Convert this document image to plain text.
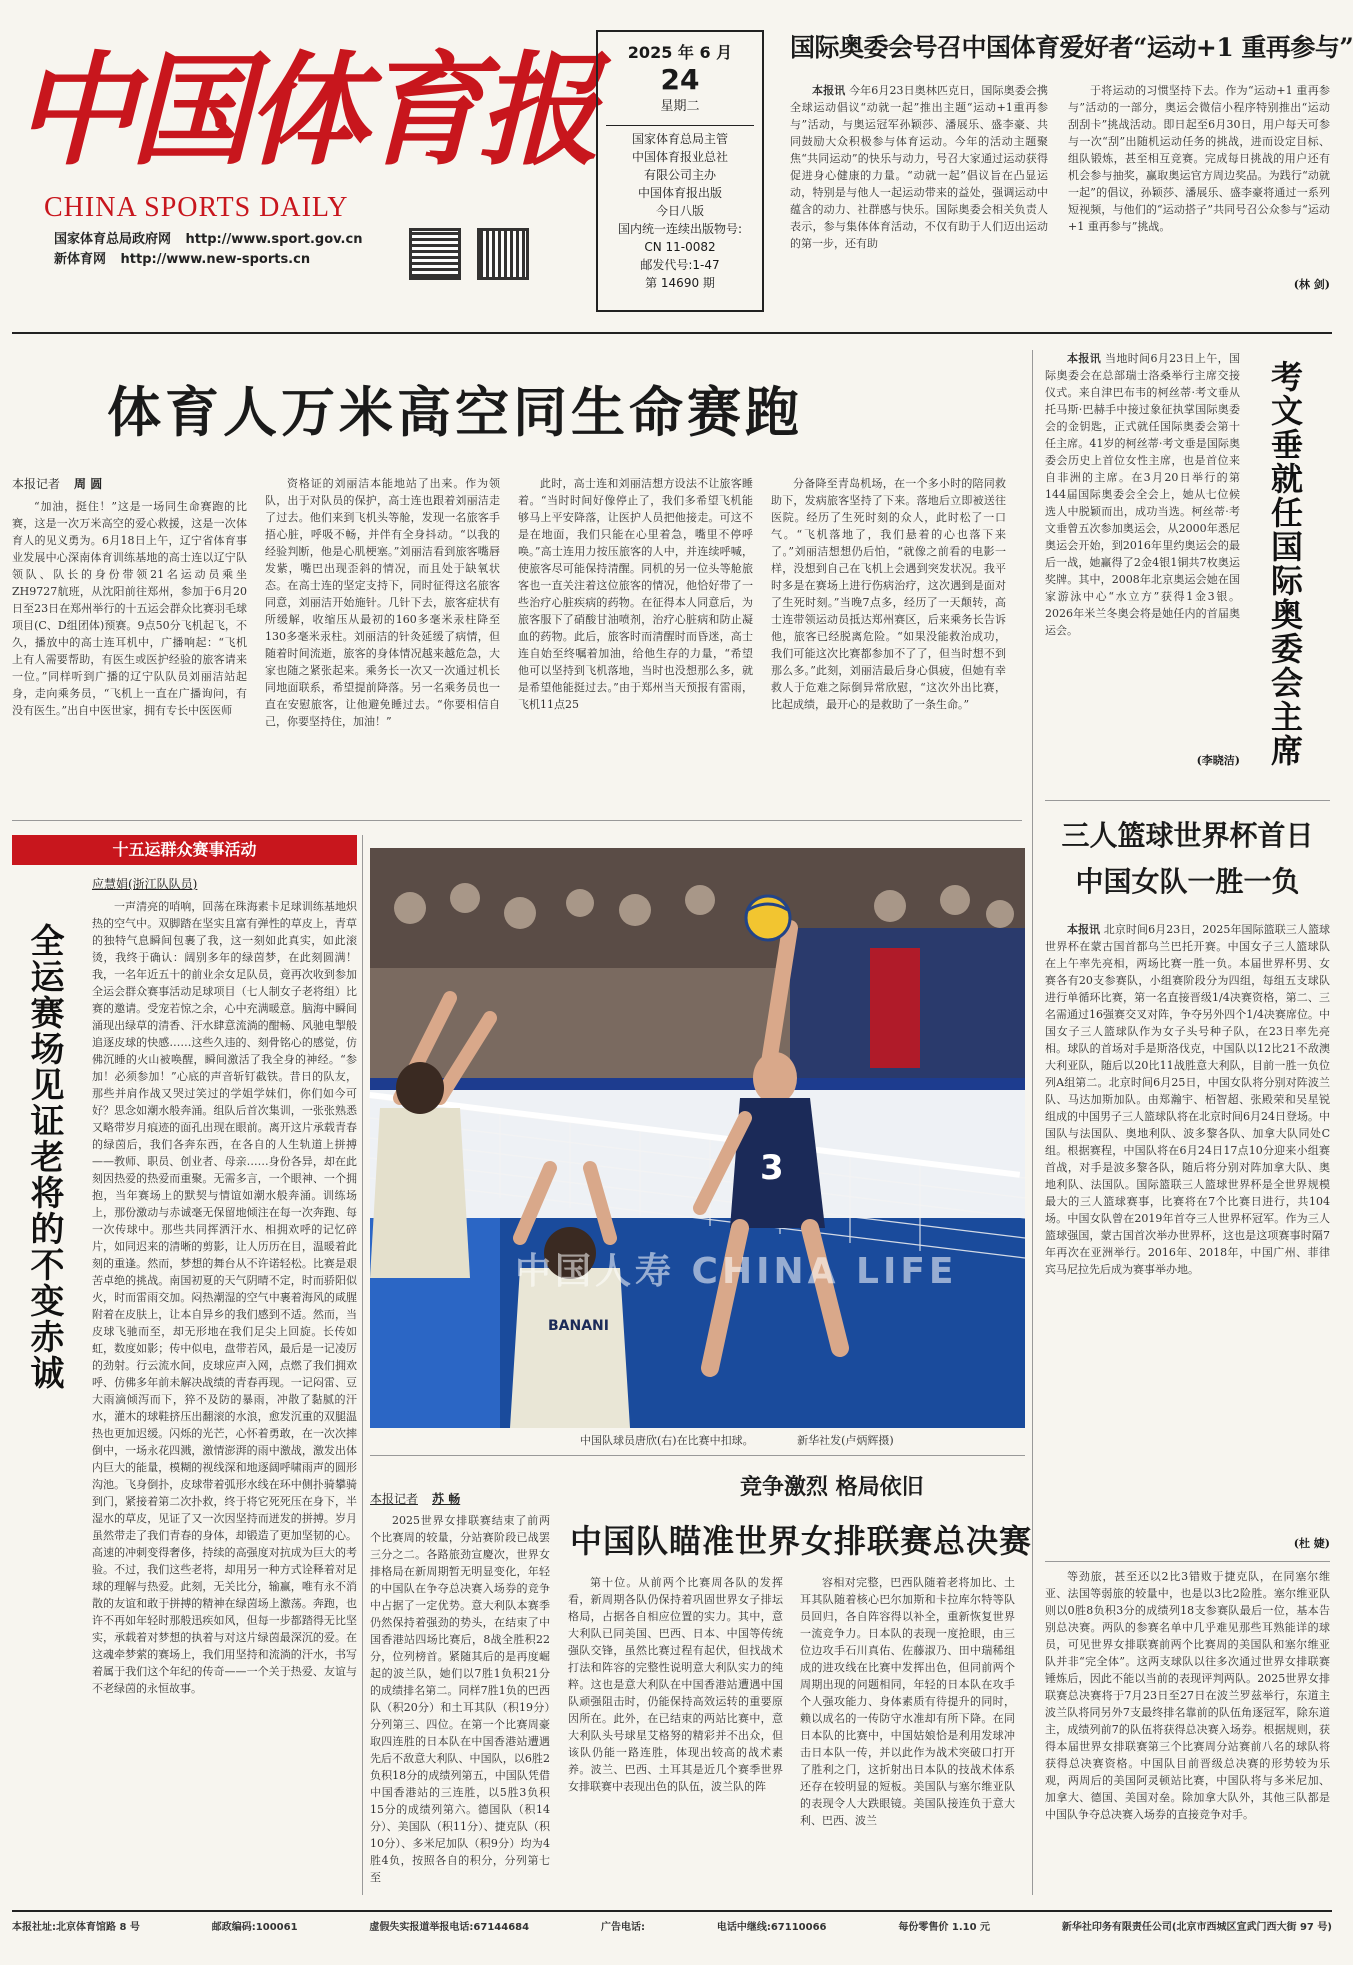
中国体育报
CHINA SPORTS DAILY
国家体育总局政府网 http://www.sport.gov.cn
新体育网 http://www.new-sports.cn
2025 年 6 月
24
星期二
国家体育总局主管
中国体育报业总社
有限公司主办
中国体育报出版
今日八版
国内统一连续出版物号:
CN 11-0082
邮发代号:1-47
第 14690 期
国际奥委会号召中国体育爱好者“运动+1 重再参与”

本报讯 今年6月23日奥林匹克日，国际奥委会携全球运动倡议“动就一起”推出主题“运动+1重再参与”活动，与奥运冠军孙颖莎、潘展乐、盛李豪、共同鼓励大众积极参与体育运动。今年的活动主题聚焦“共同运动”的快乐与动力，号召大家通过运动获得促进身心健康的力量。“动就一起”倡议旨在凸显运动，特别是与他人一起运动带来的益处，强调运动中蕴含的动力、社群感与快乐。国际奥委会相关负责人表示，参与集体体育活动，不仅有助于人们迈出运动的第一步，还有助

于将运动的习惯坚持下去。作为“运动+1 重再参与”活动的一部分，奥运会微信小程序特别推出“运动刮刮卡”挑战活动。即日起至6月30日，用户每天可参与一次“刮”出随机运动任务的挑战，进而设定目标、组队锻炼，甚至相互竞赛。完成每日挑战的用户还有机会参与抽奖，赢取奥运官方周边奖品。为践行“动就一起”的倡议，孙颖莎、潘展乐、盛李豪将通过一系列短视频，与他们的“运动搭子”共同号召公众参与“运动+1 重再参与”挑战。

(林 剑)
体育人万米高空同生命赛跑
本报记者 周 圆

“加油，挺住！”这是一场同生命赛跑的比赛，这是一次万米高空的爱心救援，这是一次体育人的见义勇为。6月18日上午，辽宁省体育事业发展中心深南体育训练基地的高士连以辽宁队领队、队长的身份带领21名运动员乘坐ZH9727航班，从沈阳前往郑州，参加于6月20日至23日在郑州举行的十五运会群众比赛羽毛球项目(C、D组团体)预赛。9点50分飞机起飞，不久，播放中的高士连耳机中，广播响起：“飞机上有人需要帮助，有医生或医护经验的旅客请来一位。”同样听到广播的辽宁队队员刘丽洁站起身，走向乘务员，“飞机上一直在广播询问，有没有医生。”出自中医世家，拥有专长中医医师

资格证的刘丽洁本能地站了出来。作为领队，出于对队员的保护，高士连也跟着刘丽洁走了过去。他们来到飞机头等舱，发现一名旅客手捂心脏，呼吸不畅，并伴有全身抖动。“以我的经验判断，他是心肌梗塞。”刘丽洁看到旅客嘴唇发紫，嘴巴出现歪斜的情况，而且处于缺氧状态。在高士连的坚定支持下，同时征得这名旅客同意，刘丽洁开始施针。几针下去，旅客症状有所缓解，收缩压从最初的160多毫米汞柱降至130多毫米汞柱。刘丽洁的针灸延缓了病情，但随着时间流逝，旅客的身体情况越来越危急，大家也随之紧张起来。乘务长一次又一次通过机长同地面联系，希望提前降落。另一名乘务员也一直在安慰旅客，让他避免睡过去。“你要相信自己，你要坚持住，加油！”

此时，高士连和刘丽洁想方设法不让旅客睡着。“当时时间好像停止了，我们多希望飞机能够马上平安降落，让医护人员把他接走。可这不是在地面，我们只能在心里着急，嘴里不停呼唤。”高士连用力按压旅客的人中，并连续呼喊，使旅客尽可能保持清醒。同机的另一位头等舱旅客也一直关注着这位旅客的情况，他恰好带了一些治疗心脏疾病的药物。在征得本人同意后，为旅客服下了硝酸甘油喷剂，治疗心脏病和防止凝血的药物。此后，旅客时而清醒时而昏迷，高士连自始至终嘱着加油，给他生存的力量，“希望他可以坚持到飞机落地，当时也没想那么多，就是希望他能挺过去。”由于郑州当天预报有雷雨，飞机11点25

分备降至青岛机场，在一个多小时的陪同救助下，发病旅客坚持了下来。落地后立即被送往医院。经历了生死时刻的众人，此时松了一口气。“飞机落地了，我们悬着的心也落下来了。”刘丽洁想想仍后怕，“就像之前看的电影一样，没想到自己在飞机上会遇到突发状况。我平时多是在赛场上进行伤病治疗，这次遇到是面对了生死时刻。”当晚7点多，经历了一天颠转，高士连带领运动员抵达郑州赛区，后来乘务长告诉他，旅客已经脱离危险。“如果没能救治成功，我们可能这次比赛都参加不了了，但当时想不到那么多。”此刻，刘丽洁最后身心俱疲，但她有幸救人于危难之际倒异常欣慰，“这次外出比赛，比起成绩，最开心的是救助了一条生命。”

本报讯 当地时间6月23日上午，国际奥委会在总部瑞士洛桑举行主席交接仪式。来自津巴布韦的柯丝蒂·考文垂从托马斯·巴赫手中接过象征执掌国际奥委会的金钥匙，正式就任国际奥委会第十任主席。41岁的柯丝蒂·考文垂是国际奥委会历史上首位女性主席，也是首位来自非洲的主席。在3月20日举行的第144届国际奥委会全会上，她从七位候选人中脱颖而出，成功当选。柯丝蒂·考文垂曾五次参加奥运会，从2000年悉尼奥运会开始，到2016年里约奥运会的最后一战，她赢得了2金4银1铜共7枚奥运奖牌。其中，2008年北京奥运会她在国家游泳中心“水立方”获得1金3银。2026年米兰冬奥会将是她任内的首届奥运会。

(李晓洁) 考文垂就任国际奥委会主席
三人篮球世界杯首日
中国女队一胜一负

本报讯 北京时间6月23日，2025年国际篮联三人篮球世界杯在蒙古国首都乌兰巴托开赛。中国女子三人篮球队在上午率先亮相，两场比赛一胜一负。本届世界杯男、女赛各有20支参赛队，小组赛阶段分为四组，每组五支球队进行单循环比赛，第一名直接晋级1/4决赛资格，第二、三名需通过16强赛交叉对阵，争夺另外四个1/4决赛席位。中国女子三人篮球队作为女子头号种子队，在23日率先亮相。球队的首场对手是斯洛伐克，中国队以12比21不敌澳大利亚队，随后以20比11战胜意大利队，目前一胜一负位列A组第二。北京时间6月25日，中国女队将分别对阵波兰队、马达加斯加队。由郑瀚宇、栢智超、张殿荣和吴星锐组成的中国男子三人篮球队将在北京时间6月24日登场。中国队与法国队、奥地利队、波多黎各队、加拿大队同处C组。根据赛程，中国队将在6月24日17点10分迎来小组赛首战，对手是波多黎各队，随后将分别对阵加拿大队、奥地利队、法国队。国际篮联三人篮球世界杯是全世界规模最大的三人篮球赛事，比赛将在7个比赛日进行，共104场。中国女队曾在2019年首夺三人世界杯冠军。作为三人篮球强国，蒙古国首次举办世界杯，这也是这项赛事时隔7年再次在亚洲举行。2016年、2018年，中国广州、菲律宾马尼拉先后成为赛事举办地。

(杜 婕)

等劲旅，甚至还以2比3错败于捷克队，在同塞尔维亚、法国等弱旅的较量中，也是以3比2险胜。塞尔维亚队则以0胜8负积3分的成绩列18支参赛队最后一位，基本告别总决赛。两队的参赛名单中几乎难见那些耳熟能详的球员，可见世界女排联赛前两个比赛周的美国队和塞尔维亚队并非“完全体”。这两支球队以往多次通过世界女排联赛锤炼后，因此不能以当前的表现评判两队。2025世界女排联赛总决赛将于7月23日至27日在波兰罗兹举行，东道主波兰队将同另外7支最终排名靠前的队伍角逐冠军，除东道主，成绩列前7的队伍将获得总决赛入场券。根据规则，获得本届世界女排联赛第三个比赛周分站赛前八名的球队将获得总决赛资格。中国队目前晋级总决赛的形势较为乐观，两周后的美国阿灵顿站比赛，中国队将与多米尼加、加拿大、德国、美国对垒。除加拿大队外，其他三队都是中国队争夺总决赛入场券的直接竞争对手。

十五运群众赛事活动
全运赛场见证老将的不变赤诚
应慧娟(浙江队队员)

一声清亮的哨响，回荡在珠海素卡足球训练基地炽热的空气中。双脚踏在坚实且富有弹性的草皮上，青草的独特气息瞬间包裹了我，这一刻如此真实，如此滚烫，我终于确认：阔别多年的绿茵梦，在此刻圆满！我，一名年近五十的前业余女足队员，竟再次收到参加全运会群众赛事活动足球项目（七人制女子老将组）比赛的邀请。受宠若惊之余，心中充满暖意。脑海中瞬间涌现出绿草的清香、汗水肆意流淌的酣畅、风驰电掣般追逐皮球的快感……这些久违的、刻骨铭心的感觉，仿佛沉睡的火山被唤醒，瞬间激活了我全身的神经。“参加！必须参加！”心底的声音斩钉截铁。昔日的队友，那些并肩作战又哭过笑过的学姐学妹们，你们如今可好？思念如潮水般奔涌。组队后首次集训，一张张熟悉又略带岁月痕迹的面孔出现在眼前。离开这片承载青春的绿茵后，我们各奔东西，在各自的人生轨道上拼搏——教师、职员、创业者、母亲……身份各异，却在此刻因热爱的热爱而重聚。无需多言，一个眼神、一个拥抱，当年赛场上的默契与情谊如潮水般奔涌。训练场上，那份激动与赤诚毫无保留地倾注在每一次奔跑、每一次传球中。那些共同挥洒汗水、相拥欢呼的记忆碎片，如同迟来的清晰的剪影，让人历历在目，温暖着此刻的重逢。然而，梦想的舞台从不许诺轻松。比赛是艰苦卓绝的挑战。南国初夏的天气阴晴不定，时而骄阳似火，时而雷雨交加。闷热潮湿的空气中裹着海风的咸腥附着在皮肤上，让本自异乡的我们感到不适。然而，当皮球飞驰而至，却无形地在我们足尖上回旋。长传如虹，数度如影；传中似电，盘带若风，最后是一记凌厉的劲射。行云流水间，皮球应声入网，点燃了我们拥欢呼、仿佛多年前未解决战绩的青春再现。一记闷雷、豆大雨滴倾泻而下，猝不及防的暴雨，冲散了黏腻的汗水，灌木的球鞋挤压出翻滚的水浪，愈发沉重的双腿温热也更加迟缓。闪烁的光芒，心怀着勇敢，在一次次摔倒中，一场永花四溅，激情澎湃的雨中激战，激发出体内巨大的能量，模糊的视线深和地逐阔呼啸雨声的圆形沟池。飞身倒扑，皮球带着弧形水线在环中侧扑骑攀骑到门，紧接着第二次扑救，终于将它死死压在身下，半湿水的草皮，见证了又一次因坚持而迸发的拼搏。岁月虽然带走了我们青春的身体，却锻造了更加坚韧的心。高速的冲刺变得奢侈，持续的高强度对抗成为巨大的考验。不过，我们这些老将，却用另一种方式诠释着对足球的理解与热爱。此刻，无关比分，输赢，唯有永不消散的友谊和敢于拼搏的精神在绿茵场上激荡。奔跑，也许不再如年轻时那般迅疾如风，但每一步都踏得无比坚实，承载着对梦想的执着与对这片绿茵最深沉的爱。在这魂牵梦萦的赛场上，我们用坚持和流淌的汗水，书写着属于我们这个年纪的传奇——一个关于热爱、友谊与不老绿茵的永恒故事。

中国人寿 CHINA LIFE
3
BANANI
中国队球员唐欣(右)在比赛中扣球。	新华社发(卢炳辉摄)
本报记者 苏 畅	竞争激烈 格局依旧
中国队瞄准世界女排联赛总决赛

2025世界女排联赛结束了前两个比赛周的较量，分站赛阶段已战罢三分之二。各路旅劲宣慶次，世界女排格局在新周期暂无明显变化，年轻的中国队在争夺总决赛入场券的竞争中占据了一定优势。意大利队本赛季仍然保持着强劲的势头，在结束了中国香港站四场比赛后，8战全胜积22分，位列榜首。紧随其后的是再度崛起的波兰队，她们以7胜1负积21分的成绩排名第二。同样7胜1负的巴西队（积20分）和土耳其队（积19分）分列第三、四位。在第一个比赛周豪取四连胜的日本队在中国香港站遭遇先后不敌意大利队、中国队，以6胜2负积18分的成绩列第五，中国队凭借中国香港站的三连胜，以5胜3负积15分的成绩列第六。德国队（积14分）、美国队（积11分）、捷克队（积10分）、多米尼加队（积9分）均为4胜4负，按照各自的积分，分列第七至

第十位。从前两个比赛周各队的发挥看，新周期各队仍保持着巩固世界女子排坛格局，占据各自相应位置的实力。其中，意大利队已同美国、巴西、日本、中国等传统强队交锋，虽然比赛过程有起伏，但找战术打法和阵容的完整性说明意大利队实力的纯粹。这也是意大利队在中国香港站遭遇中国队顽强阻击时，仍能保持高效运转的重要原因所在。此外，在已结束的两站比赛中，意大利队头号球星艾格努的精彩并不出众，但该队仍能一路连胜，体现出较高的战术素养。波兰、巴西、土耳其是近几个赛季世界女排联赛中表现出色的队伍，波兰队的阵

容相对完整，巴西队随着老将加比、土耳其队随着核心巴尔加斯和卡拉库尔特等队员回归，各自阵容得以补全，重新恢复世界一流竞争力。日本队的表现一度抢眼，由三位边攻手石川真佑、佐藤淑乃、田中瑞稀组成的进攻线在比赛中发挥出色，但同前两个周期出现的问题相同，年轻的日本队在攻手个人强攻能力、身体素质有待提升的同时，赖以成名的一传防守水准却有所下降。在同日本队的比赛中，中国姑娘恰是利用发球冲击日本队一传，并以此作为战术突破口打开了胜利之门，这折射出日本队的技战术体系还存在较明显的短板。美国队与塞尔维亚队的表现令人大跌眼镜。美国队接连负于意大利、巴西、波兰

本报社址:北京体育馆路 8 号	邮政编码:100061	虚假失实报道举报电话:67144684	广告电话:	电话中继线:67110066	每份零售价 1.10 元	新华社印务有限责任公司(北京市西城区宣武门西大街 97 号)
